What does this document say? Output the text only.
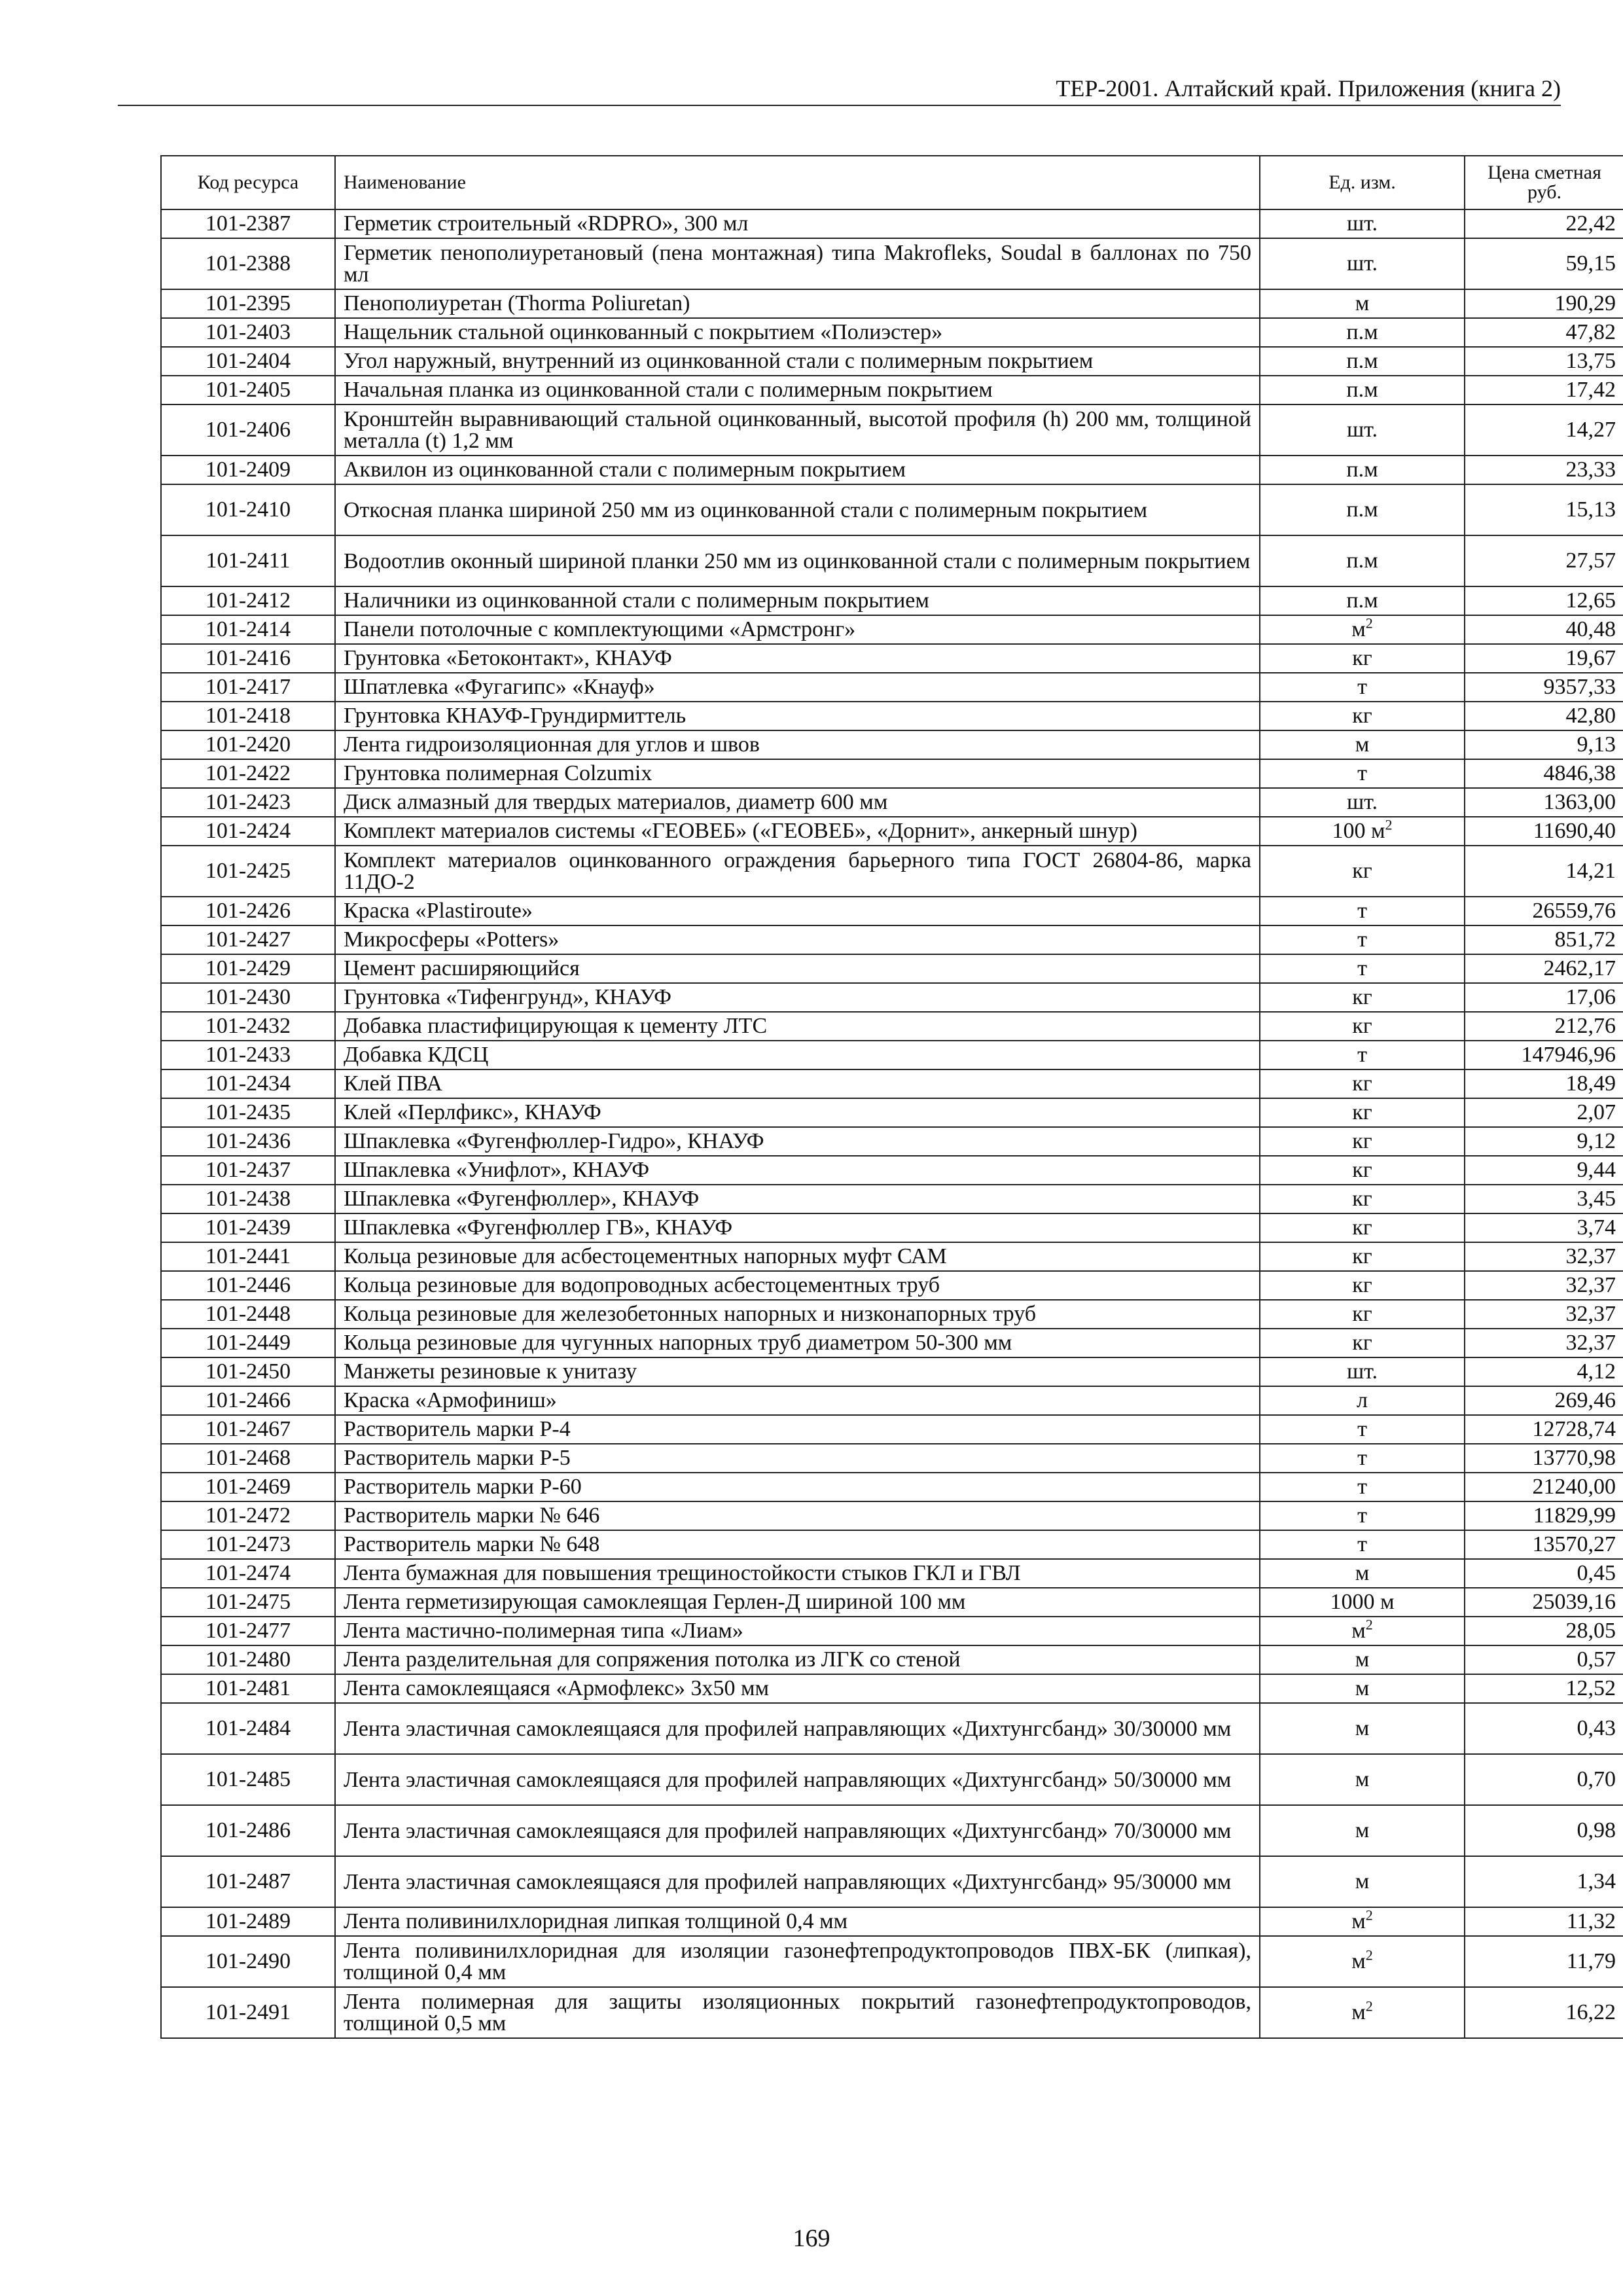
ТЕР-2001. Алтайский край. Приложения (книга 2)
Код ресурса	Наименование	Ед. изм.	Цена сметная руб.
101-2387	Герметик строительный «RDPRO», 300 мл	шт.	22,42
101-2388	Герметик пенополиуретановый (пена монтажная) типа Makrofleks, Soudal в баллонах по 750 мл	шт.	59,15
101-2395	Пенополиуретан (Thorma Poliuretan)	м	190,29
101-2403	Нащельник стальной оцинкованный с покрытием «Полиэстер»	п.м	47,82
101-2404	Угол наружный, внутренний из оцинкованной стали с полимерным покрытием	п.м	13,75
101-2405	Начальная планка из оцинкованной стали с полимерным покрытием	п.м	17,42
101-2406	Кронштейн выравнивающий стальной оцинкованный, высотой профиля (h) 200 мм, толщиной металла (t) 1,2 мм	шт.	14,27
101-2409	Аквилон из оцинкованной стали с полимерным покрытием	п.м	23,33
101-2410	Откосная планка шириной 250 мм из оцинкованной стали с полимерным покрытием	п.м	15,13
101-2411	Водоотлив оконный шириной планки 250 мм из оцинкованной стали с полимерным покрытием	п.м	27,57
101-2412	Наличники из оцинкованной стали с полимерным покрытием	п.м	12,65
101-2414	Панели потолочные с комплектующими «Армстронг»	$м^2$	40,48
101-2416	Грунтовка «Бетоконтакт», КНАУФ	кг	19,67
101-2417	Шпатлевка «Фугагипс» «Кнауф»	т	9357,33
101-2418	Грунтовка КНАУФ-Грундирмиттель	кг	42,80
101-2420	Лента гидроизоляционная для углов и швов	м	9,13
101-2422	Грунтовка полимерная Colzumix	т	4846,38
101-2423	Диск алмазный для твердых материалов, диаметр 600 мм	шт.	1363,00
101-2424	Комплект материалов системы «ГЕОВЕБ» («ГЕОВЕБ», «Дорнит», анкерный шнур)	100 $м^2$	11690,40
101-2425	Комплект материалов оцинкованного ограждения барьерного типа ГОСТ 26804-86, марка 11ДО-2	кг	14,21
101-2426	Краска «Plastiroute»	т	26559,76
101-2427	Микросферы «Potters»	т	851,72
101-2429	Цемент расширяющийся	т	2462,17
101-2430	Грунтовка «Тифенгрунд», КНАУФ	кг	17,06
101-2432	Добавка пластифицирующая к цементу ЛТС	кг	212,76
101-2433	Добавка КДСЦ	т	147946,96
101-2434	Клей ПВА	кг	18,49
101-2435	Клей «Перлфикс», КНАУФ	кг	2,07
101-2436	Шпаклевка «Фугенфюллер-Гидро», КНАУФ	кг	9,12
101-2437	Шпаклевка «Унифлот», КНАУФ	кг	9,44
101-2438	Шпаклевка «Фугенфюллер», КНАУФ	кг	3,45
101-2439	Шпаклевка «Фугенфюллер ГВ», КНАУФ	кг	3,74
101-2441	Кольца резиновые для асбестоцементных напорных муфт САМ	кг	32,37
101-2446	Кольца резиновые для водопроводных асбестоцементных труб	кг	32,37
101-2448	Кольца резиновые для железобетонных напорных и низконапорных труб	кг	32,37
101-2449	Кольца резиновые для чугунных напорных труб диаметром 50-300 мм	кг	32,37
101-2450	Манжеты резиновые к унитазу	шт.	4,12
101-2466	Краска «Армофиниш»	л	269,46
101-2467	Растворитель марки Р-4	т	12728,74
101-2468	Растворитель марки Р-5	т	13770,98
101-2469	Растворитель марки Р-60	т	21240,00
101-2472	Растворитель марки № 646	т	11829,99
101-2473	Растворитель марки № 648	т	13570,27
101-2474	Лента бумажная для повышения трещиностойкости стыков ГКЛ и ГВЛ	м	0,45
101-2475	Лента герметизирующая самоклеящая Герлен-Д шириной 100 мм	1000 м	25039,16
101-2477	Лента мастично-полимерная типа «Лиам»	$м^2$	28,05
101-2480	Лента разделительная для сопряжения потолка из ЛГК со стеной	м	0,57
101-2481	Лента самоклеящаяся «Армофлекс» 3х50 мм	м	12,52
101-2484	Лента эластичная самоклеящаяся для профилей направляющих «Дихтунгсбанд» 30/30000 мм	м	0,43
101-2485	Лента эластичная самоклеящаяся для профилей направляющих «Дихтунгсбанд» 50/30000 мм	м	0,70
101-2486	Лента эластичная самоклеящаяся для профилей направляющих «Дихтунгсбанд» 70/30000 мм	м	0,98
101-2487	Лента эластичная самоклеящаяся для профилей направляющих «Дихтунгсбанд» 95/30000 мм	м	1,34
101-2489	Лента поливинилхлоридная липкая толщиной 0,4 мм	$м^2$	11,32
101-2490	Лента поливинилхлоридная для изоляции газонефтепродуктопроводов ПВХ-БК (липкая), толщиной 0,4 мм	$м^2$	11,79
101-2491	Лента полимерная для защиты изоляционных покрытий газонефтепродуктопроводов, толщиной 0,5 мм	$м^2$	16,22
169
